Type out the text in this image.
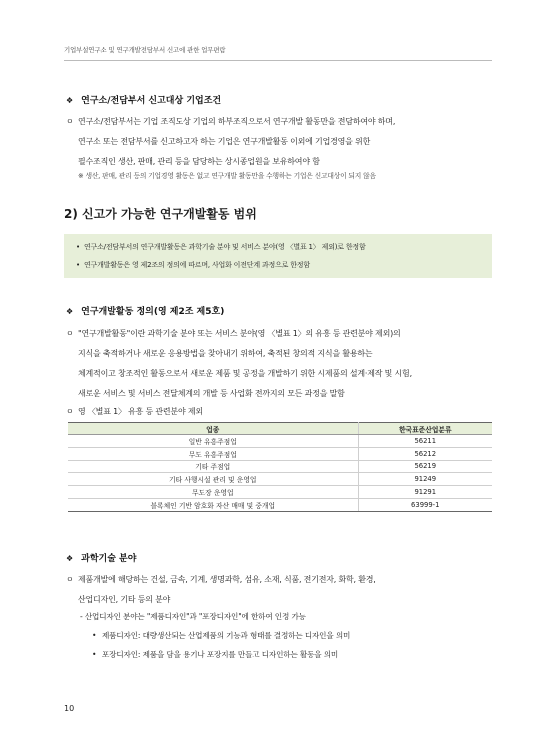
기업부설연구소 및 연구개발전담부서 신고에 관한 업무편람
❖ 연구소/전담부서 신고대상 기업조건
ㅇ 연구소/전담부서는 기업 조직도상 기업의 하부조직으로서 연구개발 활동만을 전담하여야 하며,
연구소 또는 전담부서를 신고하고자 하는 기업은 연구개발활동 이외에 기업경영을 위한
필수조직인 생산, 판매, 관리 등을 담당하는 상시종업원을 보유하여야 함
※ 생산, 판매, 관리 등의 기업경영 활동은 없고 연구개발 활동만을 수행하는 기업은 신고대상이 되지 않음
2) 신고가 가능한 연구개발활동 범위
• 연구소/전담부서의 연구개발활동은 과학기술 분야 및 서비스 분야(영 〈별표 1〉 제외)로 한정함
• 연구개발활동은 영 제2조의 정의에 따르며, 사업화 이전단계 과정으로 한정함
❖ 연구개발활동 정의(영 제2조 제5호)
ㅇ "연구개발활동"이란 과학기술 분야 또는 서비스 분야(영 〈별표 1〉의 유흥 등 관련분야 제외)의
지식을 축적하거나 새로운 응용방법을 찾아내기 위하여, 축적된 창의적 지식을 활용하는
체계적이고 창조적인 활동으로서 새로운 제품 및 공정을 개발하기 위한 시제품의 설계·제작 및 시험,
새로운 서비스 및 서비스 전달체계의 개발 등 사업화 전까지의 모든 과정을 말함
ㅇ 영 〈별표 1〉 유흥 등 관련분야 제외
업종	한국표준산업분류
일반 유흥주점업	56211
무도 유흥주점업	56212
기타 주점업	56219
기타 사행시설 관리 및 운영업	91249
무도장 운영업	91291
블록체인 기반 암호화 자산 매매 및 중개업	63999-1
❖ 과학기술 분야
ㅇ 제품개발에 해당하는 건설, 금속, 기계, 생명과학, 섬유, 소재, 식품, 전기전자, 화학, 환경,
산업디자인, 기타 등의 분야
- 산업디자인 분야는 "제품디자인"과 "포장디자인"에 한하여 인정 가능
• 제품디자인: 대량생산되는 산업제품의 기능과 형태를 결정하는 디자인을 의미
• 포장디자인: 제품을 담을 용기나 포장지를 만들고 디자인하는 활동을 의미
10
